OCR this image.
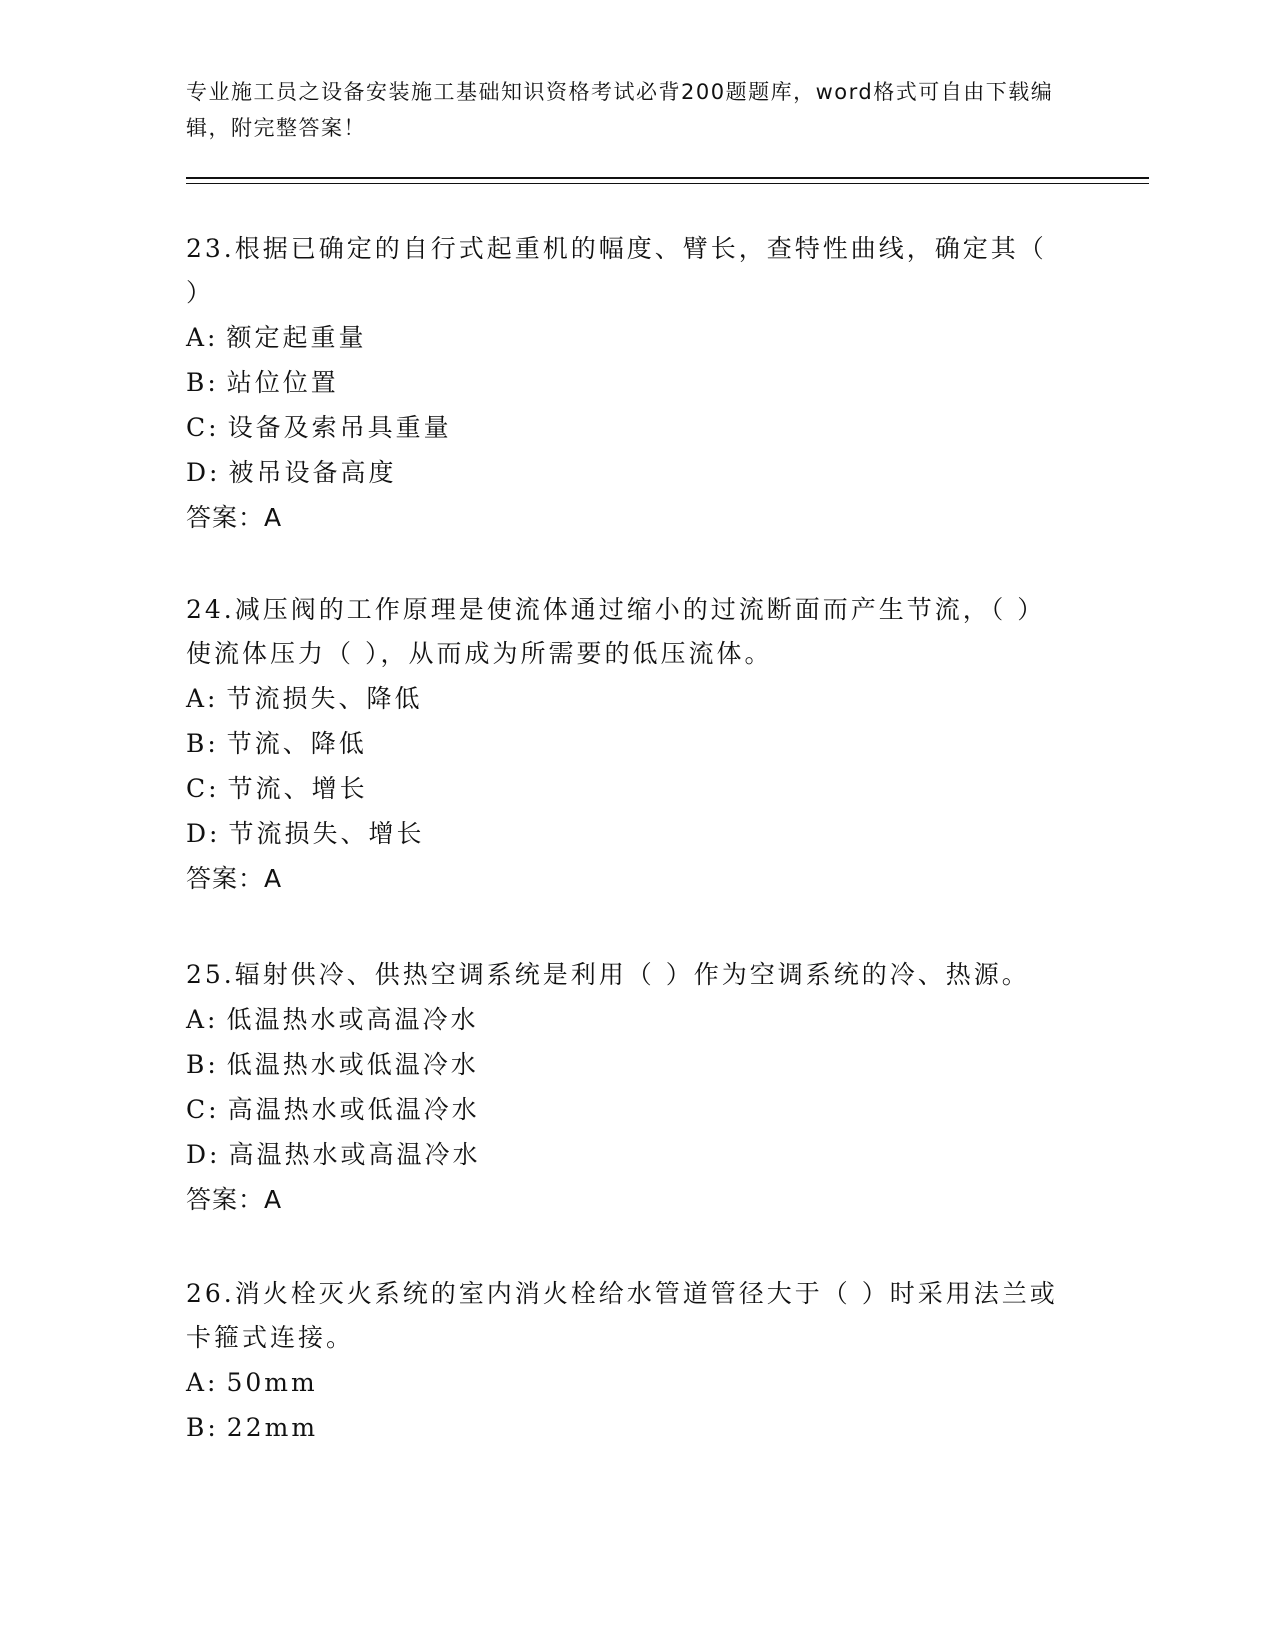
专业施工员之设备安装施工基础知识资格考试必背200题题库，word格式可自由下载编辑，附完整答案！

23.根据已确定的自行式起重机的幅度、臂长，查特性曲线，确定其（ ）

A: 额定起重量

B: 站位位置

C: 设备及索吊具重量

D: 被吊设备高度

答案：A

24.减压阀的工作原理是使流体通过缩小的过流断面而产生节流，（ ）使流体压力（ ），从而成为所需要的低压流体。

A: 节流损失、降低

B: 节流、降低

C: 节流、增长

D: 节流损失、增长

答案：A

25.辐射供冷、供热空调系统是利用（ ）作为空调系统的冷、热源。

A: 低温热水或高温冷水

B: 低温热水或低温冷水

C: 高温热水或低温冷水

D: 高温热水或高温冷水

答案：A

26.消火栓灭火系统的室内消火栓给水管道管径大于（ ）时采用法兰或卡箍式连接。

A: 50mm

B: 22mm
